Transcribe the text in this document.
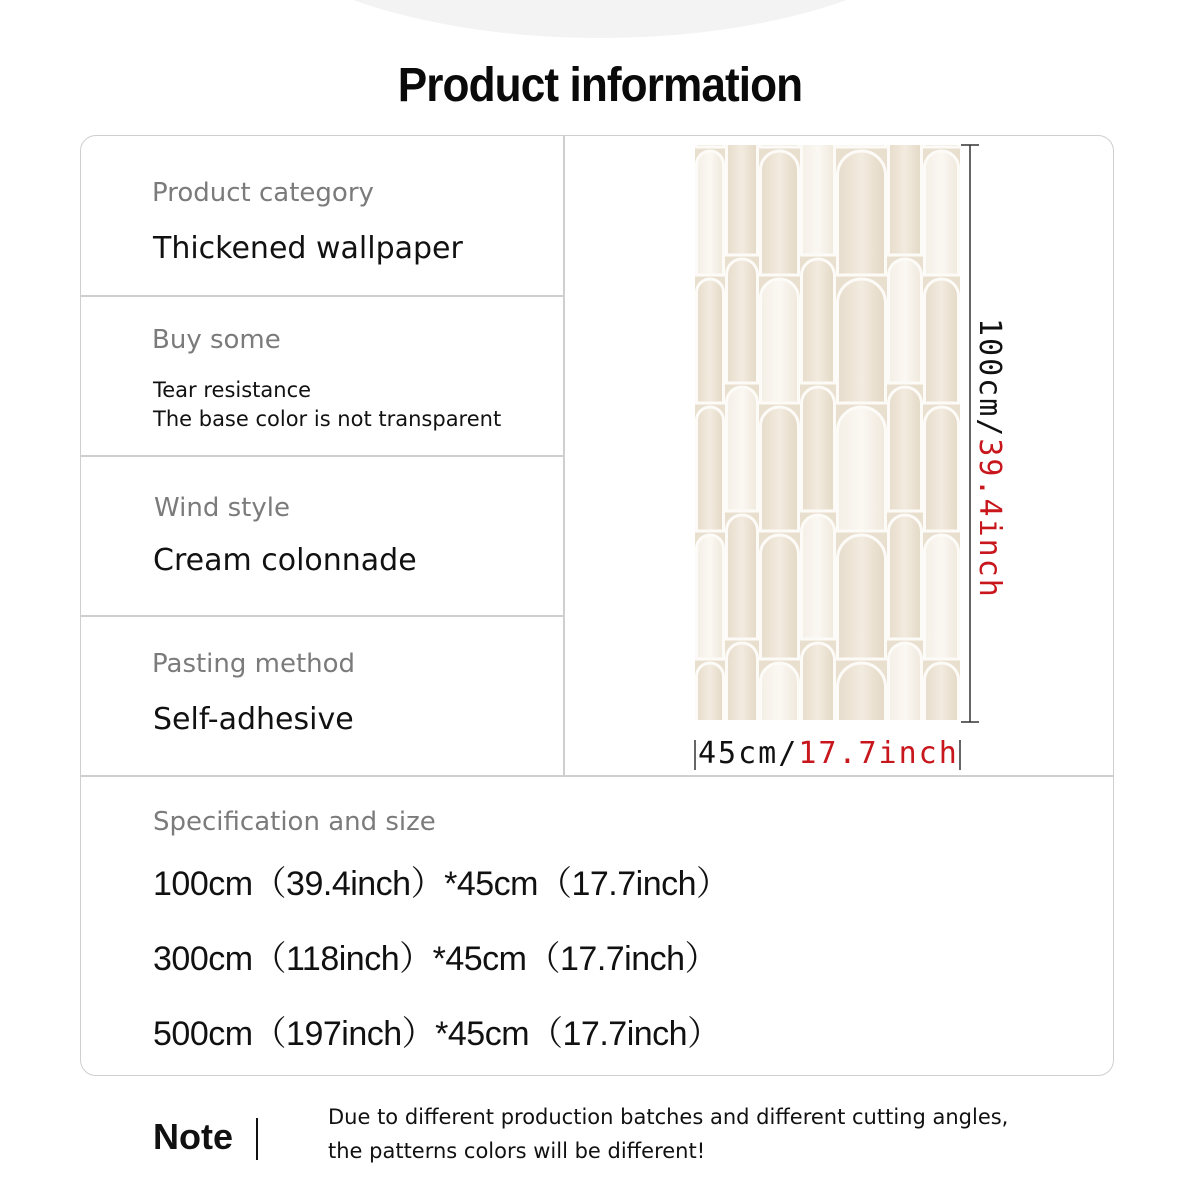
Product information
Product category
Thickened wallpaper
Buy some
Tear resistance
The base color is not transparent
Wind style
Cream colonnade
Pasting method
Self-adhesive
Specification and size
100cm（39.4inch）*45cm（17.7inch）
300cm（118inch）*45cm（17.7inch）
500cm（197inch）*45cm（17.7inch）
100cm/39.4inch
45cm/17.7inch
Note	Due to different production batches and different cutting angles,
the patterns colors will be different!
